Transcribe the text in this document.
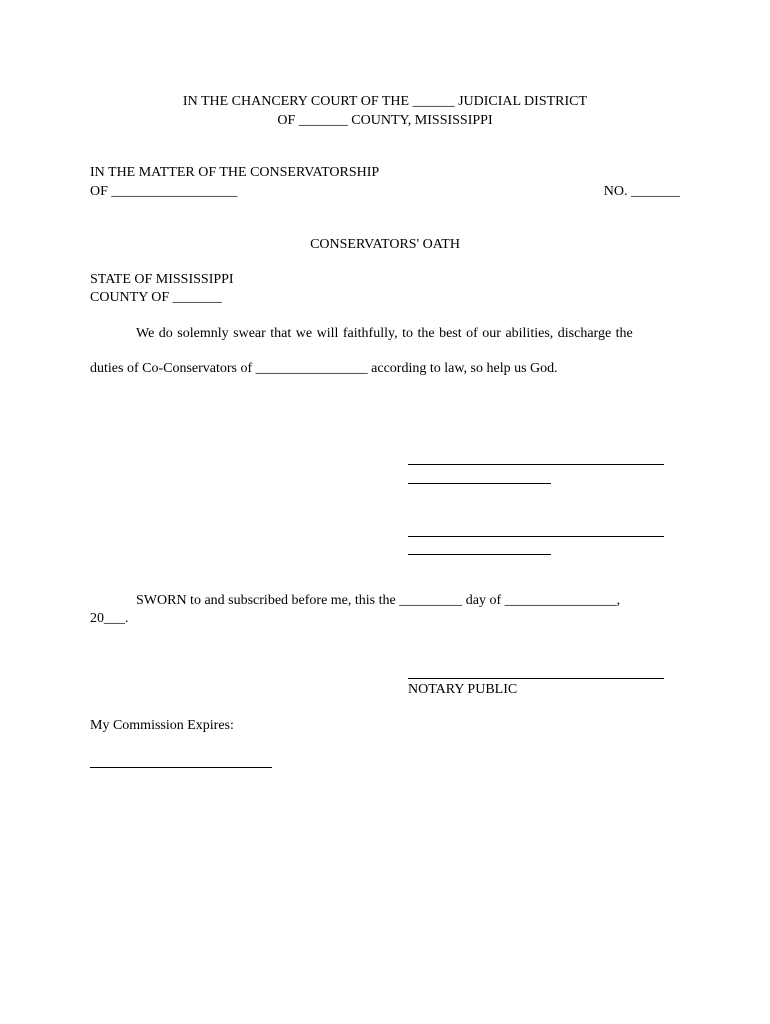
IN THE CHANCERY COURT OF THE ______ JUDICIAL DISTRICT
OF _______ COUNTY, MISSISSIPPI
IN THE MATTER OF THE CONSERVATORSHIP
OF __________________	NO. _______
CONSERVATORS' OATH
STATE OF MISSISSIPPI
COUNTY OF _______
We do solemnly swear that we will faithfully, to the best of our abilities, discharge the
duties of Co-Conservators of ________________ according to law, so help us God.
SWORN to and subscribed before me, this the _________ day of ________________,
20___.
NOTARY PUBLIC
My Commission Expires:
